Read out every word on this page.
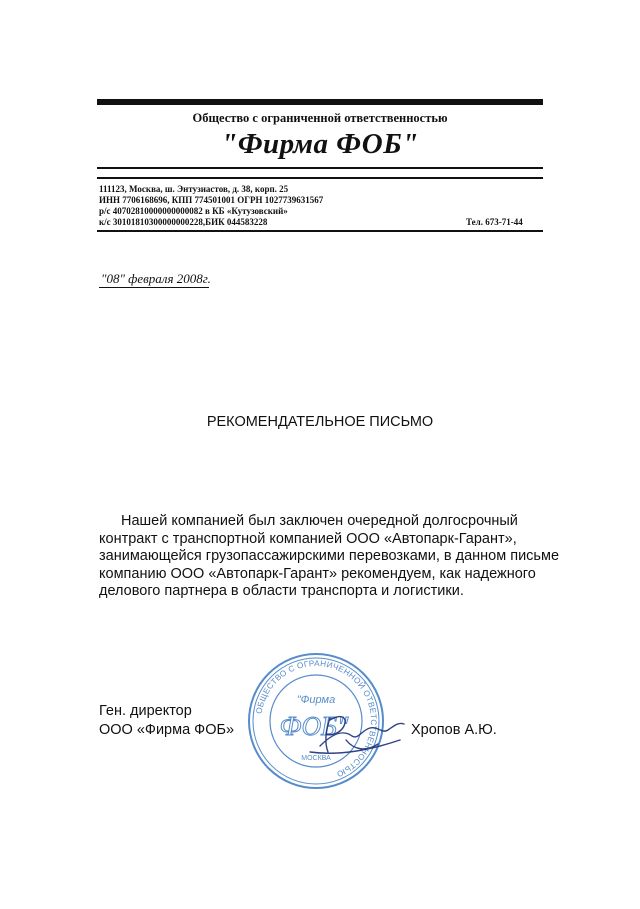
Общество с ограниченной ответственностью
"Фирма ФОБ"
111123, Москва, ш. Энтузиастов, д. 38, корп. 25
ИНН 7706168696, КПП 774501001 ОГРН 1027739631567
р/с 40702810000000000082 в КБ «Кутузовский»
к/с 30101810300000000228,БИК 044583228	Тел. 673-71-44
"08" февраля 2008г.
РЕКОМЕНДАТЕЛЬНОЕ ПИСЬМО
Нашей компанией был заключен очередной долгосрочный
контракт с транспортной компанией ООО «Автопарк-Гарант»,
занимающейся грузопассажирскими перевозками, в данном письме
компанию ООО «Автопарк-Гарант» рекомендуем, как надежного
делового партнера в области транспорта и логистики.
Ген. директор
ООО «Фирма ФОБ»	Хропов А.Ю.
ОБЩЕСТВО С ОГРАНИЧЕННОЙ ОТВЕТСТВЕННОСТЬЮ
"Фирма
ФОБ"
МОСКВА
